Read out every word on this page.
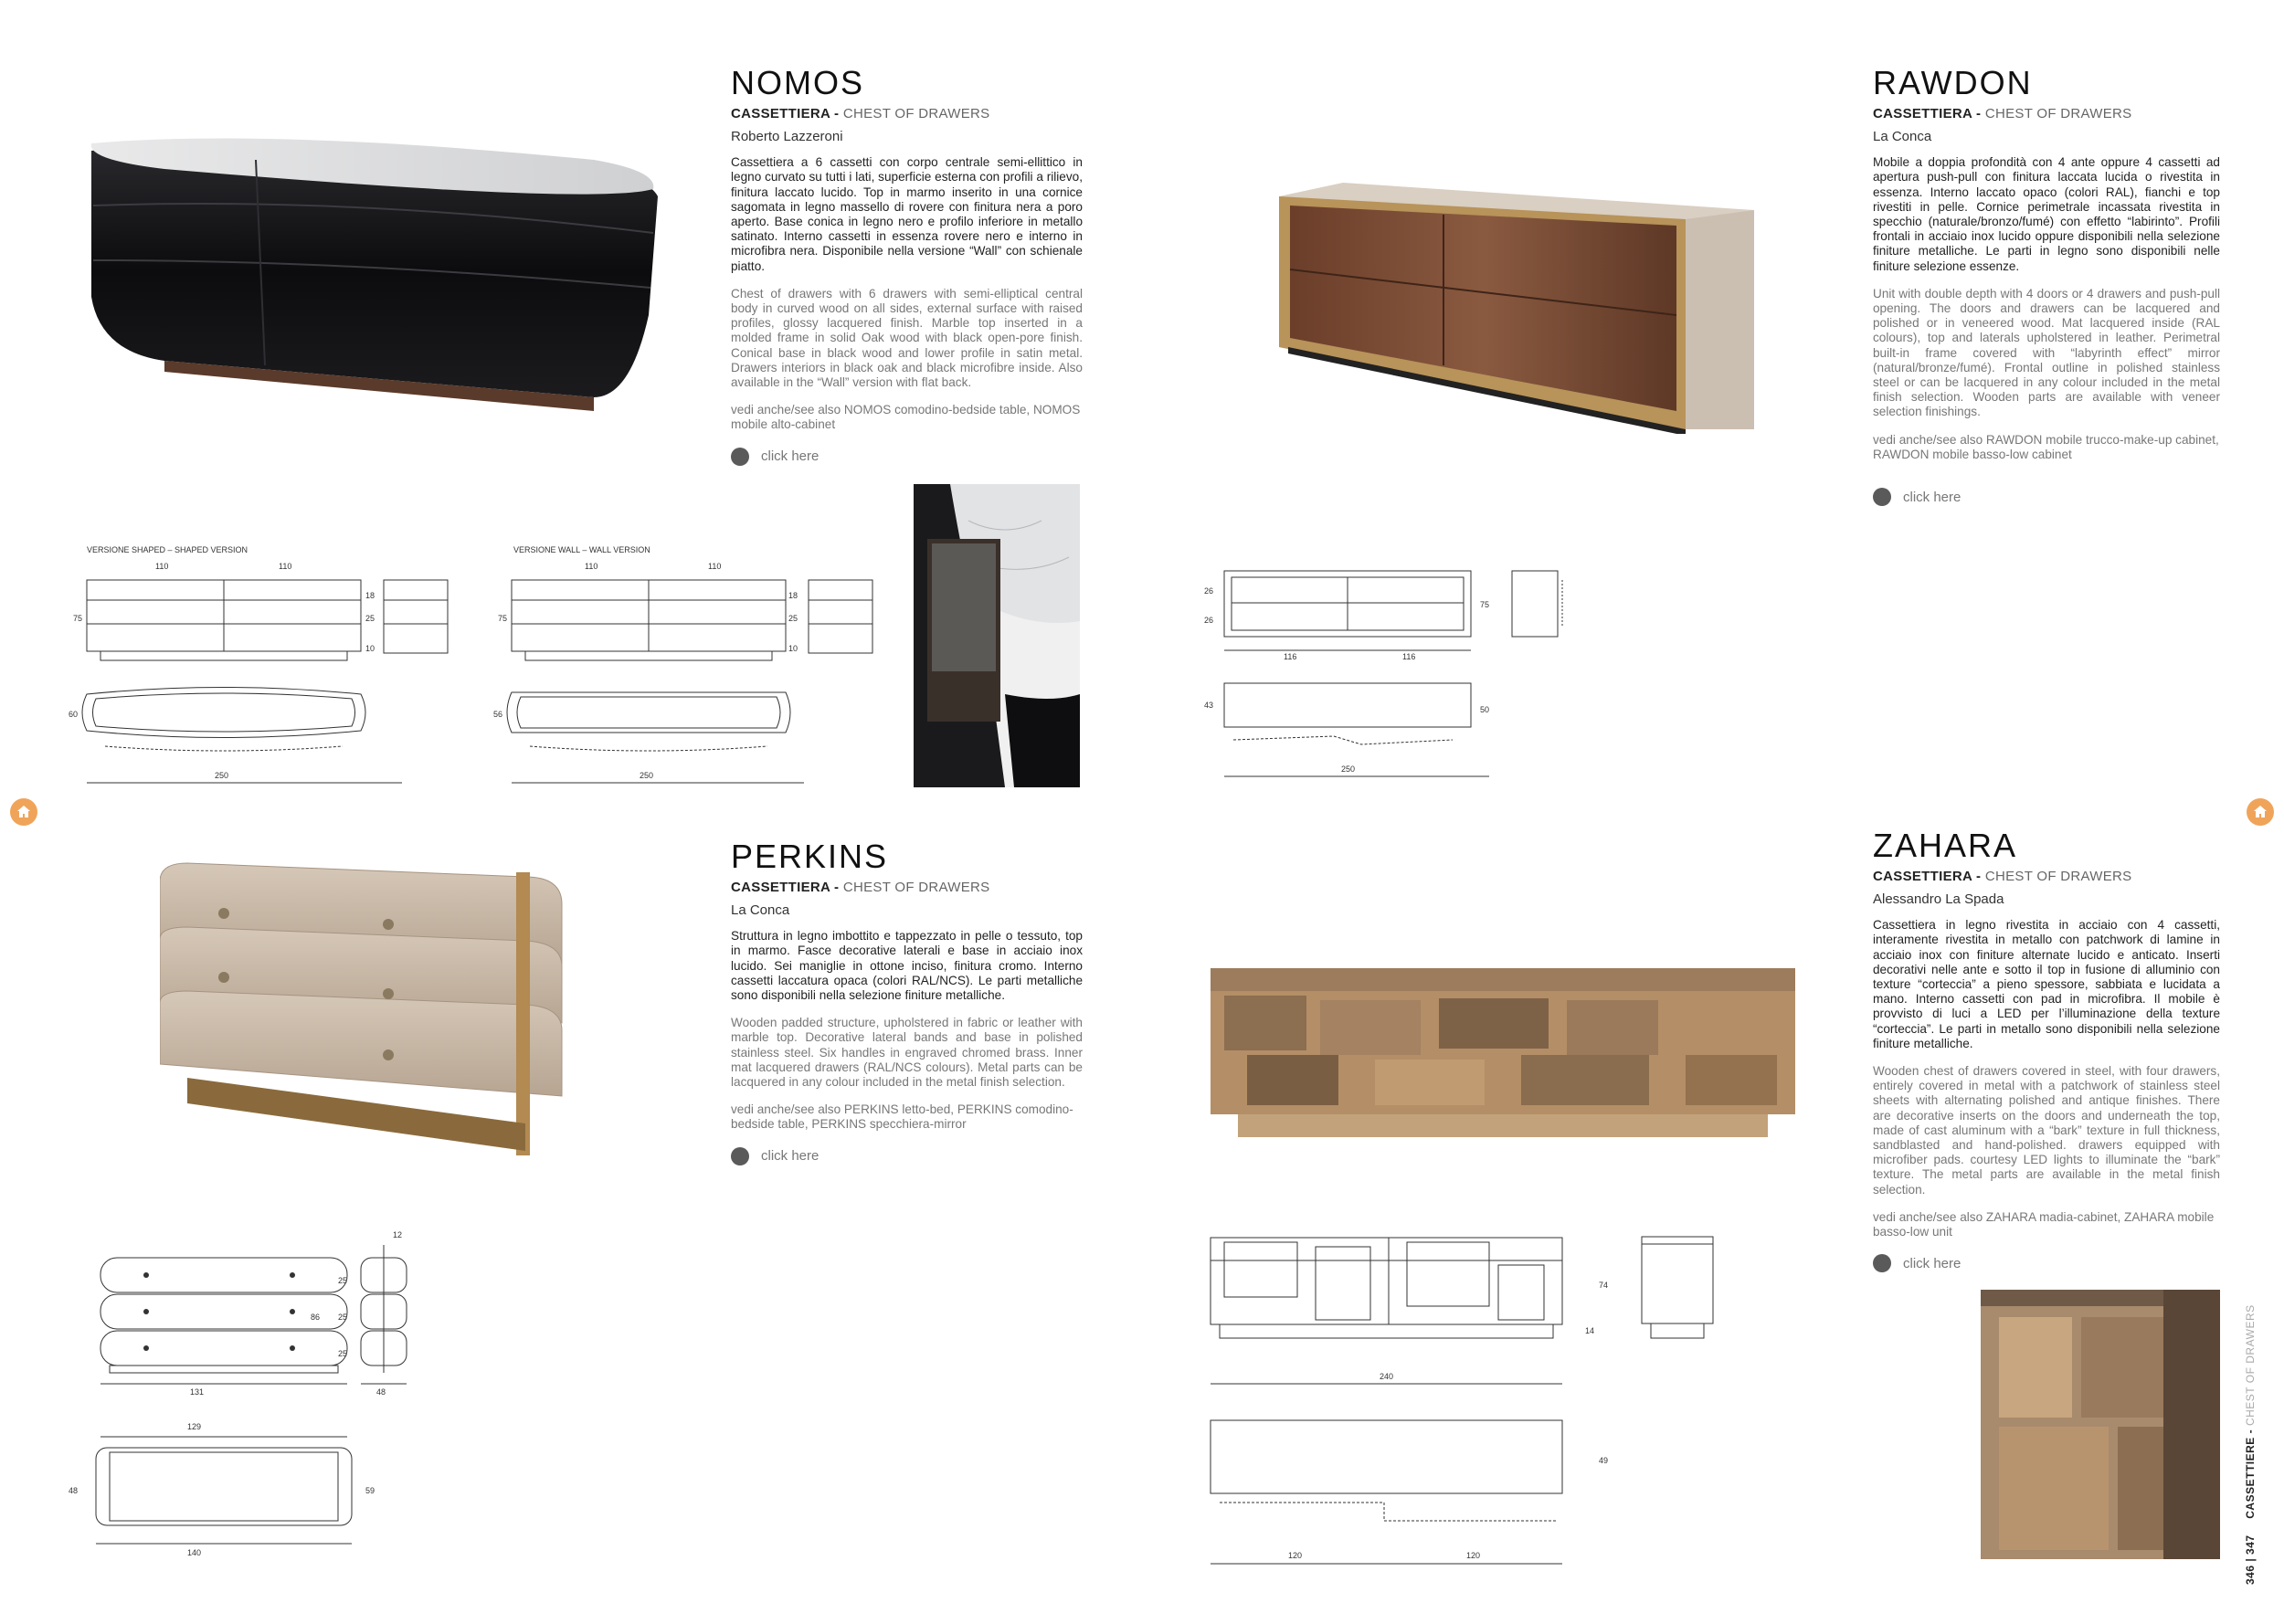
NOMOS
CASSETTIERA - CHEST OF DRAWERS
Roberto Lazzeroni
Cassettiera a 6 cassetti con corpo centrale semi-ellittico in legno curvato su tutti i lati, superficie esterna con profili a rilievo, finitura laccato lucido. Top in marmo inserito in una cornice sagomata in legno massello di rovere con finitura nera a poro aperto. Base conica in legno nero e profilo inferiore in metallo satinato. Interno cassetti in essenza rovere nero e interno in microfibra nera. Disponibile nella versione “Wall” con schienale piatto.
Chest of drawers with 6 drawers with semi-elliptical central body in curved wood on all sides, external surface with raised profiles, glossy lacquered finish. Marble top inserted in a molded frame in solid Oak wood with black open-pore finish. Conical base in black wood and lower profile in satin metal. Drawers interiors in black oak and black microfibre inside. Also available in the “Wall” version with flat back.
vedi anche/see also NOMOS comodino-bedside table, NOMOS mobile alto-cabinet
click here
VERSIONE SHAPED – SHAPED VERSION
110	110
75
18
25
10
60
250
VERSIONE WALL – WALL VERSION
110	110
75
18
25
10
56
250
RAWDON
CASSETTIERA - CHEST OF DRAWERS
La Conca
Mobile a doppia profondità con 4 ante oppure 4 cassetti ad apertura push-pull con finitura laccata lucida o rivestita in essenza. Interno laccato opaco (colori RAL), fianchi e top rivestiti in pelle. Cornice perimetrale incassata rivestita in specchio (naturale/bronzo/fumé) con effetto “labirinto”. Profili frontali in acciaio inox lucido oppure disponibili nella selezione finiture metalliche. Le parti in legno sono disponibili nelle finiture selezione essenze.
Unit with double depth with 4 doors or 4 drawers and push-pull opening. The doors and drawers can be lacquered and polished or in veneered wood. Mat lacquered inside (RAL colours), top and laterals upholstered in leather. Perimetral built-in frame covered with “labyrinth effect” mirror (natural/bronze/fumé). Frontal outline in polished stainless steel or can be lacquered in any colour included in the metal finish selection. Wooden parts are available with veneer selection finishings.
vedi anche/see also RAWDON mobile trucco-make-up cabinet, RAWDON mobile basso-low cabinet
click here
26
26
75
116	116
43	50
250
PERKINS
CASSETTIERA - CHEST OF DRAWERS
La Conca
Struttura in legno imbottito e tappezzato in pelle o tessuto, top in marmo. Fasce decorative laterali e base in acciaio inox lucido. Sei maniglie in ottone inciso, finitura cromo. Interno cassetti laccatura opaca (colori RAL/NCS). Le parti metalliche sono disponibili nella selezione finiture metalliche.
Wooden padded structure, upholstered in fabric or leather with marble top. Decorative lateral bands and base in polished stainless steel. Six handles in engraved chromed brass. Inner mat lacquered drawers (RAL/NCS colours). Metal parts can be lacquered in any colour included in the metal finish selection.
vedi anche/see also PERKINS letto-bed, PERKINS comodino-bedside table, PERKINS specchiera-mirror
click here
12
131
25
25
25
86
48
129
48	59
140
ZAHARA
CASSETTIERA - CHEST OF DRAWERS
Alessandro La Spada
Cassettiera in legno rivestita in acciaio con 4 cassetti, interamente rivestita in metallo con patchwork di lamine in acciaio inox con finiture alternate lucido e anticato. Inserti decorativi nelle ante e sotto il top in fusione di alluminio con texture “corteccia” a pieno spessore, sabbiata e lucidata a mano. Interno cassetti con pad in microfibra. Il mobile è provvisto di luci a LED per l’illuminazione della texture “corteccia”. Le parti in metallo sono disponibili nella selezione finiture metalliche.
Wooden chest of drawers covered in steel, with four drawers, entirely covered in metal with a patchwork of stainless steel sheets with alternating polished and antique finishes. There are decorative inserts on the doors and underneath the top, made of cast aluminum with a “bark” texture in full thickness, sandblasted and hand-polished. drawers equipped with microfiber pads. courtesy LED lights to illuminate the “bark” texture. The metal parts are available in the metal finish selection.
vedi anche/see also ZAHARA madia-cabinet, ZAHARA mobile basso-low unit
click here
74
14
240
49
120	120	346 | 347  CASSETTIERE - CHEST OF DRAWERS
